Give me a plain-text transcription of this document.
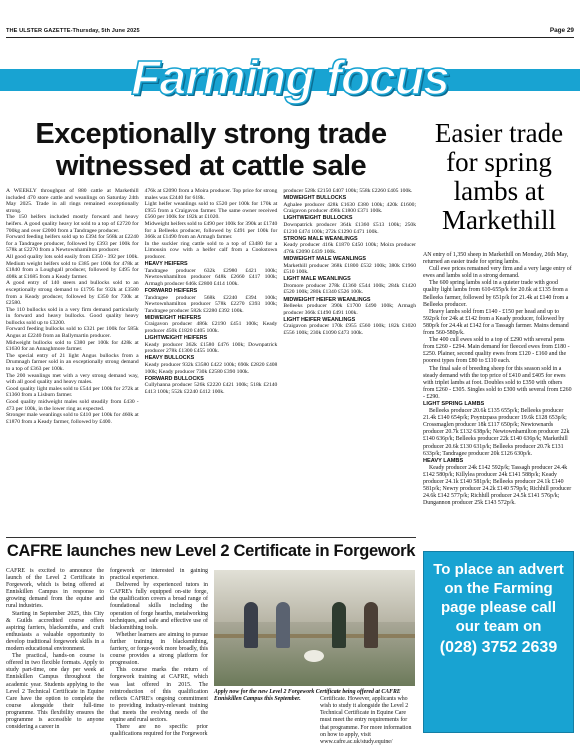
THE ULSTER GAZETTE-Thursday, 5th June 2025	Page 29
Farming focus
Exceptionally strong trade witnessed at cattle sale
Easier trade for spring lambs at Markethill
A WEEKLY throughput of 880 cattle at Markethill included 470 store cattle and weanlings on Saturday 24th May 2025. Trade in all rings remained exceptionally strong.
The 150 heifers included mostly forward and heavy heifers. A good quality heavy lot sold to a top of £2720 for 700kg and over £2000 from a Tandragee producer.
Forward feeding heifers sold up to £394 for 568k at £2240 for a Tandragee producer, followed by £393 per 100k for 578k at £2270 from a Newtownhamilton producer.
All good quality lots sold easily from £350 - 392 per 100k. Medium weight heifers sold to £385 per 100k for 478k at £1840 from a Loughgall producer, followed by £495 for 408k at £1685 from a Keady farmer.
A good entry of 140 steers and bullocks sold to an exceptionally strong demand to £1795 for 932k at £3580 from a Keady producer, followed by £350 for 730k at £2580.
The 110 bullocks sold in a very firm demand particularly in forward and heavy bullocks. Good quality heavy bullocks sold up to £3200.
Forward feeding bullocks sold to £321 per 100k for 585k Angus at £2240 from an Ballymartin producer.
Midweight bullocks sold to £380 per 100k for 428k at £1630 for an Annaghmore farmer.
The special entry of 21 light Angus bullocks from a Drumnagh farmer sold in an exceptionally strong demand to a top of £363 per 100k.
The 200 weanlings met with a very strong demand way, with all good quality and heavy males.
Good quality light males sold to £544 per 100k for 272k at £1360 from a Lisburn farmer.
Good quality midweight males sold steadily from £430 - 473 per 100k, in the lower ring as expected.
Stronger male weanlings sold to £410 per 100k for 460k at £1870 from a Keady farmer, followed by £400.
476k at £2090 from a Moira producer. Top price for strong males was £2440 for 618k.
Light heifer weanlings sold to £520 per 100k for 170k at £955 from a Craigavon farmer. The same owner received £560 per 100k for 182k at £1020.
Midweight heifers sold to £490 per 100k for 390k at £1740 for a Belleeks producer, followed by £491 per 100k for 366k at £1490 from an Armagh farmer.
In the suckler ring cattle sold to a top of £3480 for a Limousin cow with a heifer calf from a Cookstown producer.
HEAVY HEIFERS
Tandragee producer 632k £2980 £421 100k; Newtownhamilton producer 648k £2660 £417 100k; Armagh producer 646k £2800 £414 100k.
FORWARD HEIFERS
Tandragee producer 568k £2240 £394 100k; Newtownhamilton producer 578k £2270 £393 100k; Tandragee producer 582k £2280 £392 100k.
MIDWEIGHT HEIFERS
Craigavon producer 486k £2190 £451 100k; Keady producer 450k £1820 £405 100k.
LIGHTWEIGHT HEIFERS
Keady producer 362k £1580 £476 100k; Downpatrick producer 278k £1300 £455 100k.
HEAVY BULLOCKS
Keady producer 932k £3580 £422 100k; 690k £2820 £408 100k; Keady producer 730k £2580 £390 100k.
FORWARD BULLOCKS
Cullyhanna producer 526k £2220 £421 100k; 518k £2140 £413 100k; 552k £2240 £412 100k.
producer 528k £2150 £407 100k; 558k £2260 £405 100k.
MIDWEIGHT BULLOCKS
Aghalee producer 428k £1630 £380 100k; 420k £1600; Craigavon producer 498k £1800 £371 100k.
LIGHTWEIGHT BULLOCKS
Downpatrick producer 364k £1360 £513 100k; 250k £1210 £474 100k; 272k £1290 £471 100k.
STRONG MALE WEANLINGS
Keady producer 416k £1870 £450 100k; Moira producer 476k £2090 £439 100k.
MIDWEIGHT MALE WEANLINGS
Markethill producer 368k £1800 £532 100k; 380k £1960 £510 100k.
LIGHT MALE WEANLINGS
Dromore producer 278k £1360 £544 100k; 284k £1420 £520 100k; 280k £1340 £526 100k.
MIDWEIGHT HEIFER WEANLINGS
Belleeks producer 390k £1700 £490 100k; Armagh producer 366k £1490 £491 100k.
LIGHT HEIFER WEANLINGS
Craigavon producer 170k £955 £560 100k; 182k £1020 £556 100k; 230k £1090 £473 100k.
AN entry of 1,350 sheep in Markethill on Monday, 26th May, returned an easier trade for spring lambs.
Cull ewe prices remained very firm and a very large entry of ewes and lambs sold in a strong demand.
The 600 spring lambs sold in a quieter trade with good quality light lambs from 610-655p/k for 20.6k at £135 from a Belleeks farmer, followed by 651p/k for 21.4k at £140 from a Belleeks producer.
Heavy lambs sold from £140 - £150 per head and up to 592p/k for 24k at £142 from a Keady producer, followed by 580p/k for 24.4k at £142 for a Tassagh farmer. Mains demand from 560-580p/k.
The 400 cull ewes sold to a top of £290 with several pens from £260 - £294. Main demand for fleeced ewes from £180 - £250. Plainer, second quality ewes from £120 - £160 and the poorest types from £80 to £110 each.
The final sale of breeding sheep for this season sold in a steady demand with the top price of £410 and £405 for ewes with triplet lambs at foot. Doubles sold to £350 with others from £260 - £305. Singles sold to £300 with several from £260 - £290.
LIGHT SPRING LAMBS
Belleeks producer 20.6k £135 655p/k; Belleeks producer 21.4k £140 654p/k; Poyntzpass producer 19.6k £128 653p/k; Crossmaglen producer 18k £117 650p/k; Newtownards producer 20.7k £132 638p/k; Newtownhamilton producer 22k £140 636p/k; Belleeks producer 22k £140 636p/k; Markethill producer 20.6k £130 631p/k; Belleeks producer 20.7k £131 633p/k; Tandragee producer 20k £126 630p/k.
HEAVY LAMBS
Keady producer 24k £142 592p/k; Tassagh producer 24.4k £142 580p/k; Killylea producer 24k £141 588p/k; Keady producer 24.1k £140 581p/k; Belleeks producer 24.1k £140 581p/k; Newry producer 24.2k £140 579p/k; Richhill producer 24.6k £142 577p/k; Richhill producer 24.5k £141 576p/k; Dungannon producer 25k £143 572p/k.
CAFRE launches new Level 2 Certificate in Forgework

CAFRE is excited to announce the launch of the Level 2 Certificate in Forgework, which is being offered at Enniskillen Campus in response to growing demand from the equine and rural industries.

Starting in September 2025, this City & Guilds accredited course offers aspiring farriers, blacksmiths, and craft enthusiasts a valuable opportunity to develop traditional forgework skills in a modern educational environment.

The practical, hands-on course is offered in two flexible formats. Apply to study part-time, one day per week at Enniskillen Campus throughout the academic year. Students applying to the Level 2 Technical Certificate in Equine Care have the option to complete the course alongside their full-time programme. This flexibility ensures the programme is accessible to anyone considering a career in

forgework or interested in gaining practical experience.

Delivered by experienced tutors in CAFRE's fully equipped on-site forge, the qualification covers a broad range of foundational skills including the operation of forge hearths, metalworking techniques, and safe and effective use of blacksmithing tools.

Whether learners are aiming to pursue further training in blacksmithing, farriery, or forge-work more broadly, this course provides a strong platform for progression.

This course marks the return of forgework training at CAFRE, which was last offered in 2015. The reintroduction of this qualification reflects CAFRE's ongoing commitment to providing industry-relevant training that meets the evolving needs of the equine and rural sectors.

There are no specific prior qualifications required for the Forgework

Apply now for the new Level 2 Forgework Certificate being offered at CAFRE Enniskillen Campus this September.	Certificate. However, applicants who wish to study it alongside the Level 2 Technical Certificate in Equine Care must meet the entry requirements for
that programme. For more information on how to apply, visit www.cafre.ac.uk/study.equine/
To place an advert on the Farming page please call our team on
(028) 3752 2639
